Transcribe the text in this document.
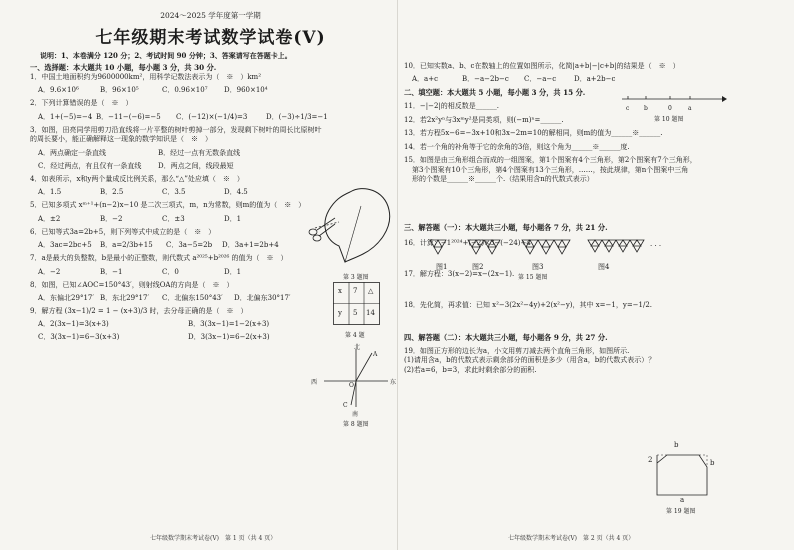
2024～2025 学年度第一学期
七年级期末考试数学试卷(V)
说明：1、本卷满分 120 分；2、考试时间 90 分钟；3、答案请写在答题卡上。
一、选择题：本大题共 10 小题，每小题 3 分，共 30 分.
1．中国土地面积约为9600000km²，用科学记数法表示为（　※　）km²
A．9.6×10⁶	B．96×10⁵	C．0.96×10⁷	D．960×10⁴
2．下列计算错误的是（　※　）
A．1+(−5)=−4 B．−11−(−6)=−5	C．(−12)×(−1/4)=3	D．(−3)÷1/3=−1
3．如图，田亮同学用剪刀沿直线将一片平整的树叶剪掉一部分，发现剩下树叶的周长比原树叶
的周长要小，能正确解释这一现象的数学知识是（　※　）
A．两点确定一条直线	B．经过一点有无数条直线
C．经过两点，有且仅有一条直线	D．两点之间，线段最短
4．如表所示，x和y两个量成反比例关系，那么“△”处应填（　※　）
A．1.5	B．2.5	C．3.5	D．4.5
5．已知多项式 xᵐ⁺¹+(n−2)x−10 是二次三项式，m，n为常数，则m的值为（　※　）
A．±2	B．−2	C．±3	D．1
6．已知等式3a=2b+5，则下列等式中成立的是（　※　）
A．3ac=2bc+5	B．a=2/3b+15	C．3a−5=2b	D．3a+1=2b+4
7．a是最大的负整数，b是最小的正整数，则代数式 a²⁰²⁵+b²⁰²⁶ 的值为（　※　）
A．−2	B．−1	C．0	D．1
8．如图，已知∠AOC=150°43′，则射线OA的方向是（　※　）
A．东偏北29°17′ B．东北29°17′	C．北偏东150°43′	D．北偏东30°17′
9．解方程 (3x−1)/2 = 1 − (x+3)/3 时，去分母正确的是（　※　）
A．2(3x−1)=3(x+3)	B．3(3x−1)=1−2(x+3)
C．3(3x−1)=6−3(x+3)	D．3(3x−1)=6−2(x+3)
第 3 题图
x 7 △
y 5 14
第 4 题
北
A
西	东
O
C
南
第 8 题图
七年级数学期末考试卷(V)　第 1 页（共 4 页）
10．已知实数a、b、c在数轴上的位置如图所示，化简|a+b|−|c+b|的结果是（　※　）
A．a+c	B．−a−2b−c	C．−a−c	D．a+2b−c
二、填空题：本大题共 5 小题，每小题 3 分，共 15 分.
c b	0	a
第 10 题图
11．−|−2|的相反数是______.
12．若2x²yⁿ与3xᵐy²是同类项，则(−m)ⁿ=______.
13．若方程5x−6=−3x+10和3x−2m=10的解相同，则m的值为______※______.
14．若一个角的补角等于它的余角的3倍，则这个角为______※______度.
15．如图是由三角形组合而成的一组图案，第1个图案有4个三角形，第2个图案有7个三角形，
第3个图案有10个三角形，第4个图案有13个三角形，……，按此规律，第n个图案中三角
形的个数是______※______个.（结果用含n的代数式表示）
· · ·
图1	图2	图3	图4
第 15 题图
三、解答题（一）：本大题共三小题，每小题各 7 分，共 21 分.
16．计算：−1²⁰²⁴+(−2)×3−(−24)÷4
17．解方程：3(x−2)=x−(2x−1).
18．先化简，再求值：已知 x²−3(2x²−4y)+2(x²−y)，其中 x=−1，y=−1/2.
四、解答题（二）：本大题共三小题，每小题各 9 分，共 27 分.
19．如图正方形的边长为a，小文用剪刀减去两个直角三角形，如图所示.
(1)请用含a，b的代数式表示剩余部分的面积是多少（用含a，b的代数式表示）？
(2)若a=6，b=3，求此时剩余部分的面积.
b
2	b
a
第 19 题图
七年级数学期末考试卷(V)　第 2 页（共 4 页）
